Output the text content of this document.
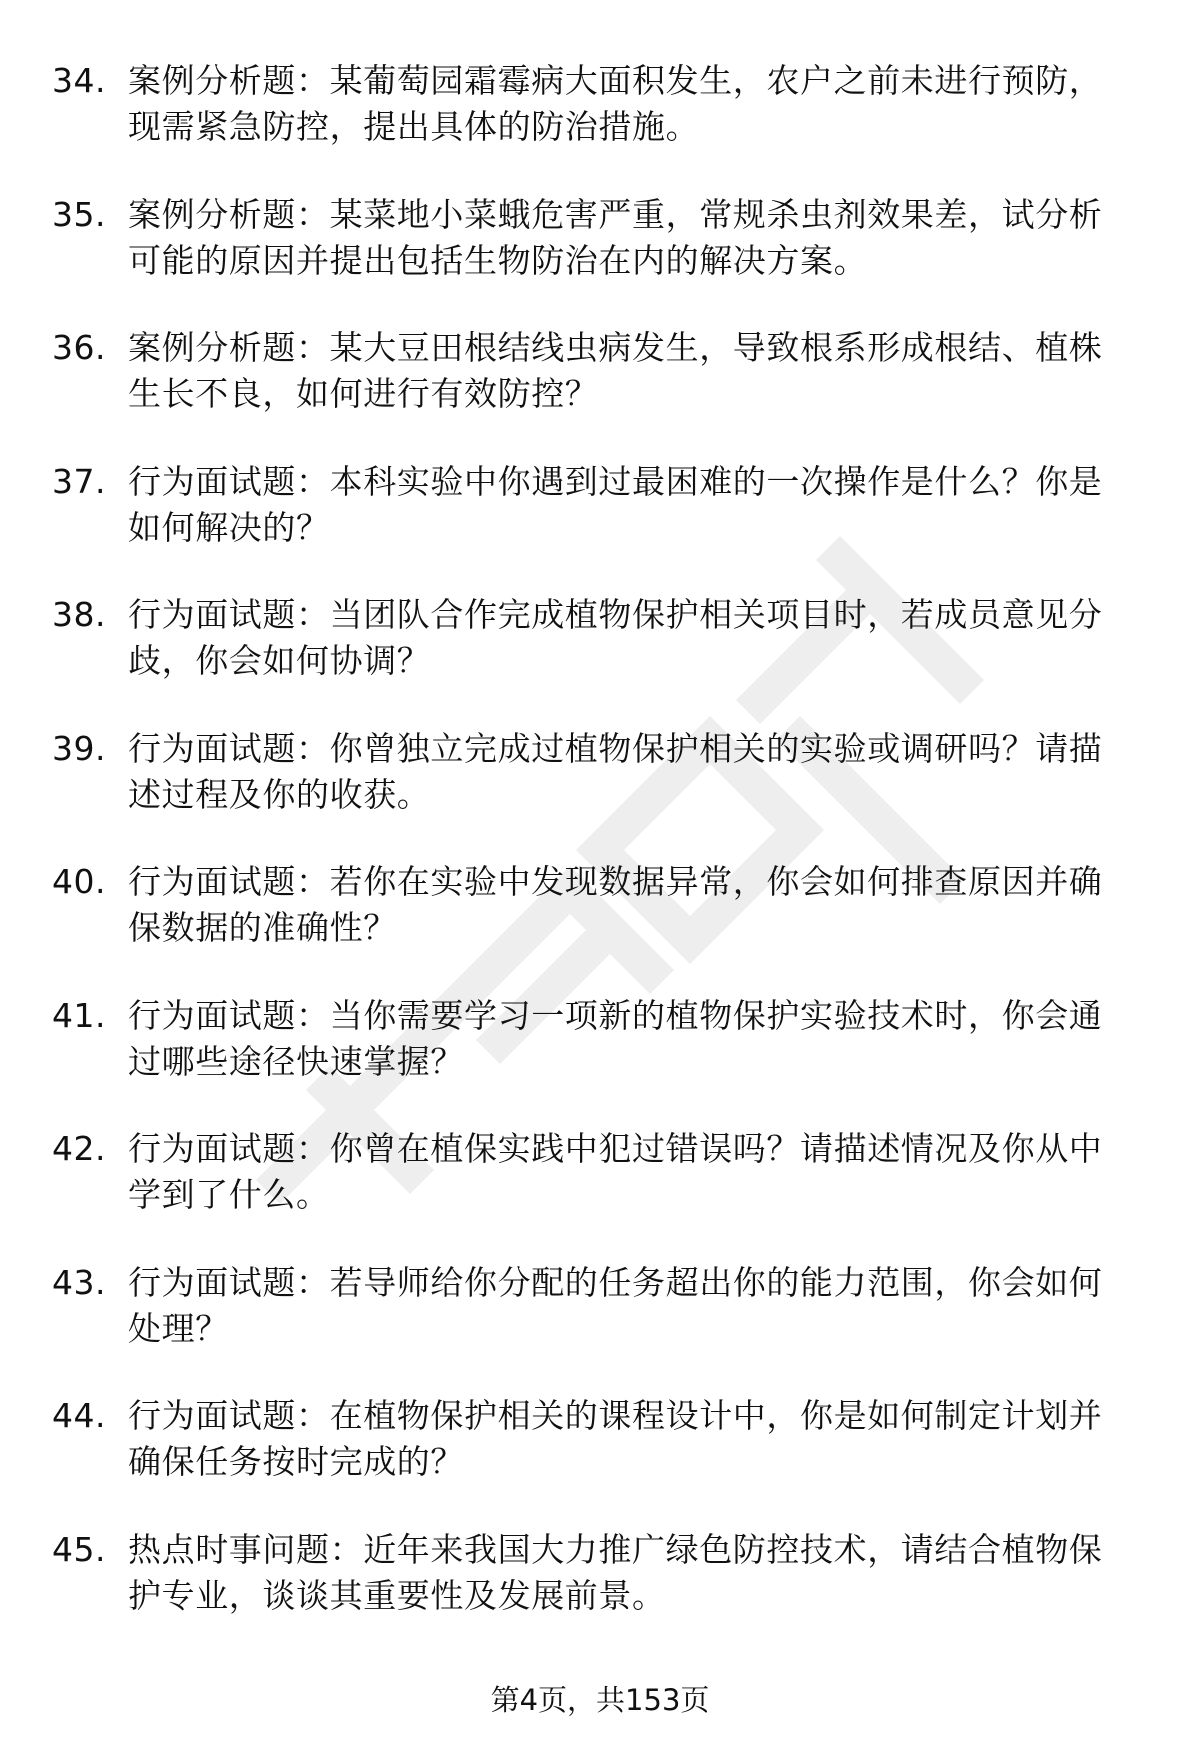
34. 案例分析题：某葡萄园霜霉病大面积发生，农户之前未进行预防，现需紧急防控，提出具体的防治措施。
35. 案例分析题：某菜地小菜蛾危害严重，常规杀虫剂效果差，试分析可能的原因并提出包括生物防治在内的解决方案。
36. 案例分析题：某大豆田根结线虫病发生，导致根系形成根结、植株生长不良，如何进行有效防控？
37. 行为面试题：本科实验中你遇到过最困难的一次操作是什么？你是如何解决的？
38. 行为面试题：当团队合作完成植物保护相关项目时，若成员意见分歧，你会如何协调？
39. 行为面试题：你曾独立完成过植物保护相关的实验或调研吗？请描述过程及你的收获。
40. 行为面试题：若你在实验中发现数据异常，你会如何排查原因并确保数据的准确性？
41. 行为面试题：当你需要学习一项新的植物保护实验技术时，你会通过哪些途径快速掌握？
42. 行为面试题：你曾在植保实践中犯过错误吗？请描述情况及你从中学到了什么。
43. 行为面试题：若导师给你分配的任务超出你的能力范围，你会如何处理？
44. 行为面试题：在植物保护相关的课程设计中，你是如何制定计划并确保任务按时完成的？
45. 热点时事问题：近年来我国大力推广绿色防控技术，请结合植物保护专业，谈谈其重要性及发展前景。
第4页，共153页
